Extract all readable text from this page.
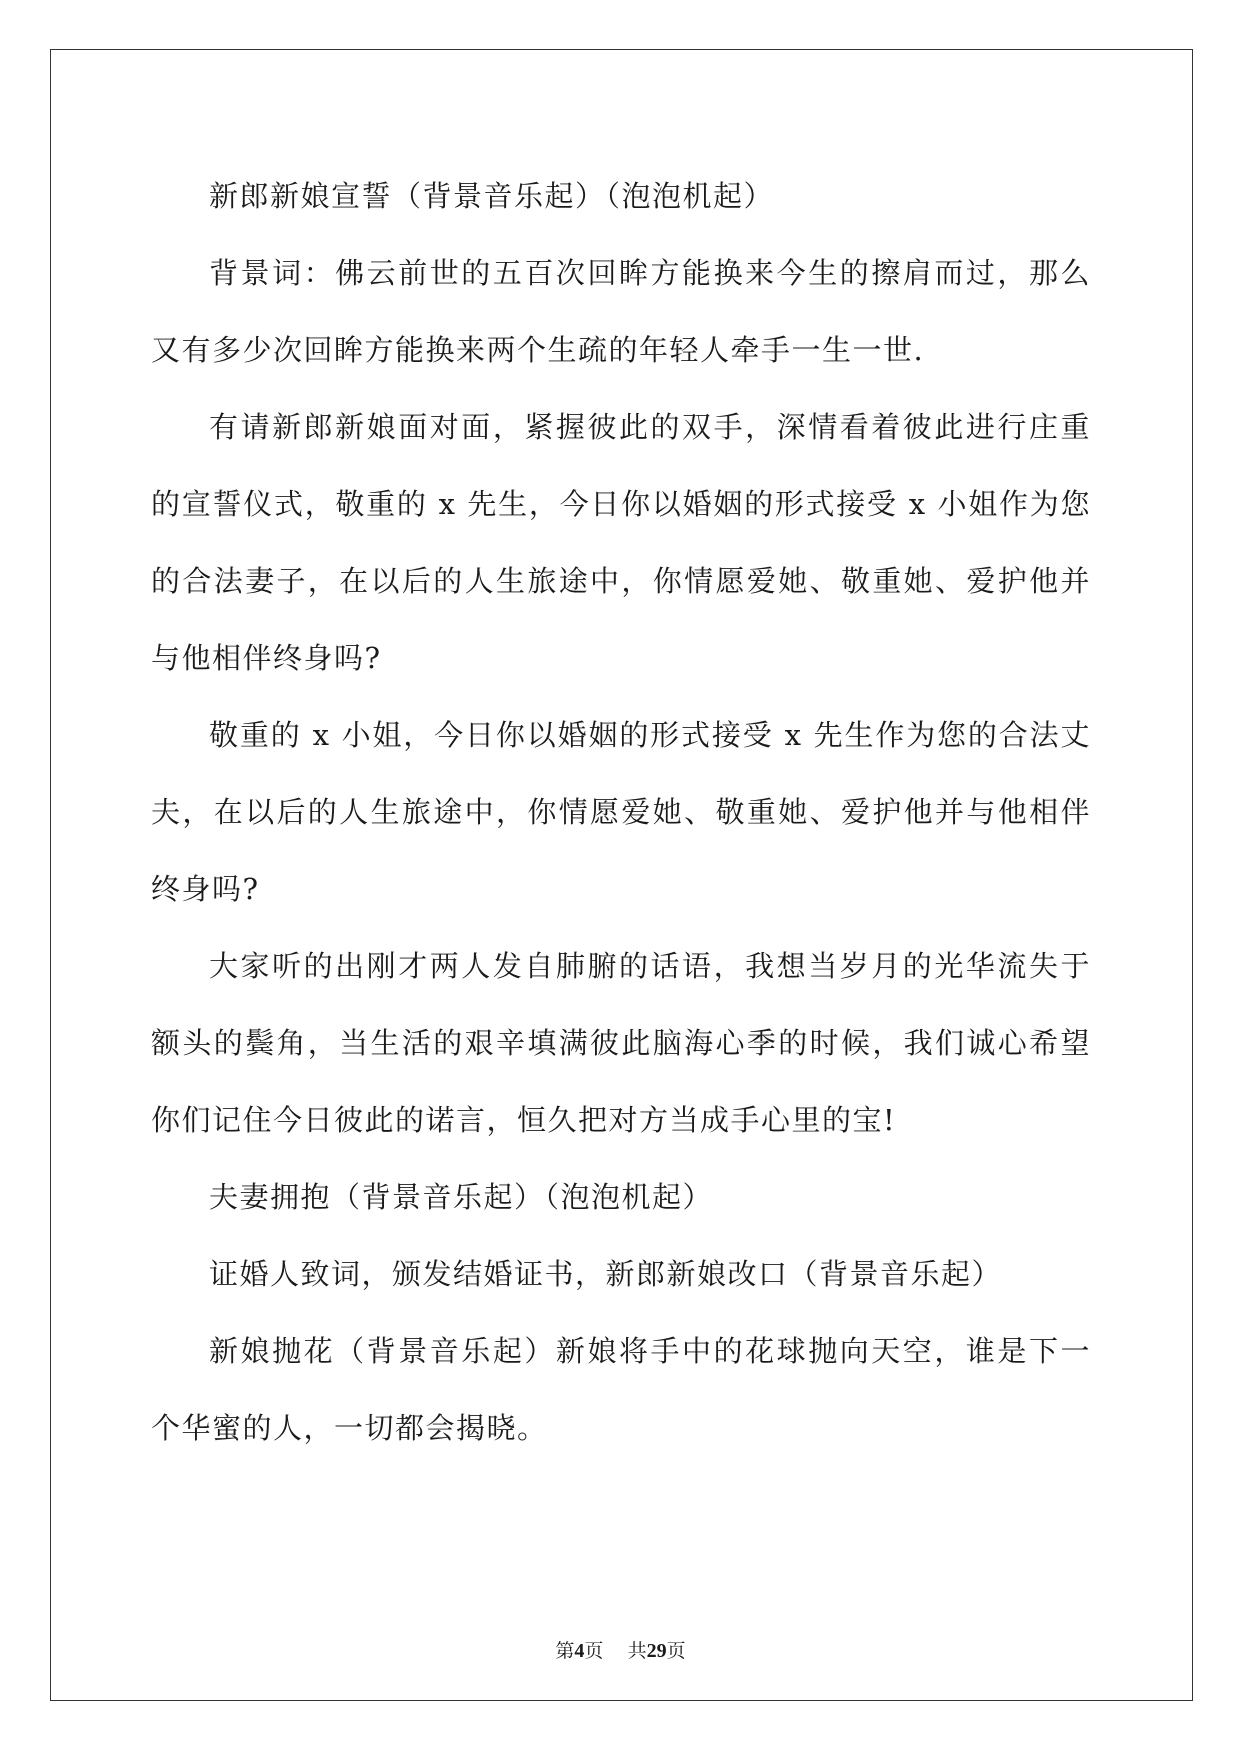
新郎新娘宣誓（背景音乐起）（泡泡机起）

背景词：佛云前世的五百次回眸方能换来今生的擦肩而过，那么又有多少次回眸方能换来两个生疏的年轻人牵手一生一世.

有请新郎新娘面对面，紧握彼此的双手，深情看着彼此进行庄重的宣誓仪式，敬重的 x 先生，今日你以婚姻的形式接受 x 小姐作为您的合法妻子，在以后的人生旅途中，你情愿爱她、敬重她、爱护他并与他相伴终身吗?

敬重的 x 小姐，今日你以婚姻的形式接受 x 先生作为您的合法丈夫，在以后的人生旅途中，你情愿爱她、敬重她、爱护他并与他相伴终身吗?

大家听的出刚才两人发自肺腑的话语，我想当岁月的光华流失于额头的鬓角，当生活的艰辛填满彼此脑海心季的时候，我们诚心希望你们记住今日彼此的诺言，恒久把对方当成手心里的宝!

夫妻拥抱（背景音乐起）（泡泡机起）

证婚人致词，颁发结婚证书，新郎新娘改口（背景音乐起）

新娘抛花（背景音乐起）新娘将手中的花球抛向天空，谁是下一个华蜜的人，一切都会揭晓。

第4页 共29页
